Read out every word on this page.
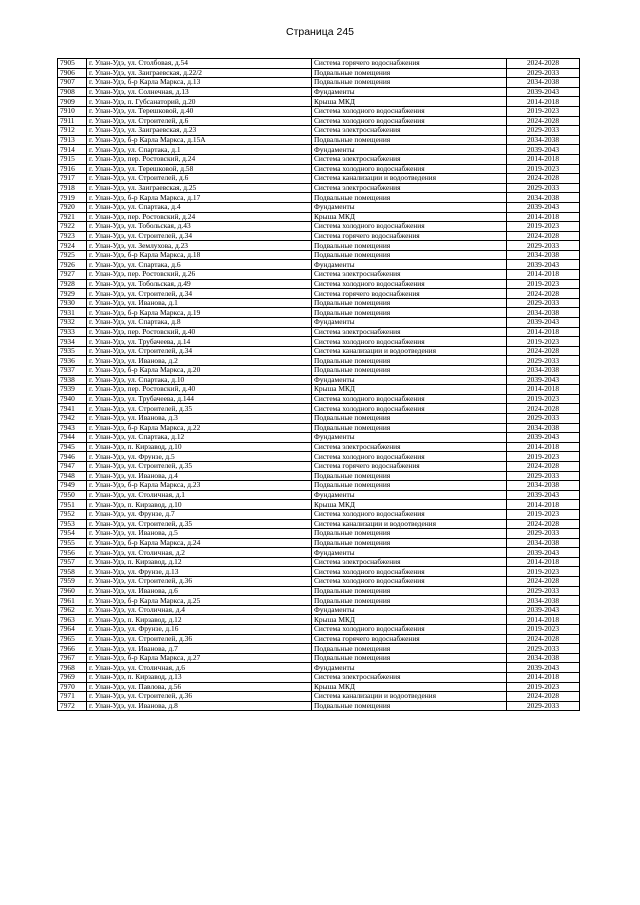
Страница 245
7905	г. Улан-Удэ, ул. Столбовая, д.54	Система горячего водоснабжения	2024-2028
7906	г. Улан-Удэ, ул. Заиграевская, д.22/2	Подвальные помещения	2029-2033
7907	г. Улан-Удэ, б-р Карла Маркса, д.13	Подвальные помещения	2034-2038
7908	г. Улан-Удэ, ул. Солнечная, д.13	Фундаменты	2039-2043
7909	г. Улан-Удэ, п. Губсанаторий, д.20	Крыша МКД	2014-2018
7910	г. Улан-Удэ, ул. Терешковой, д.40	Система холодного водоснабжения	2019-2023
7911	г. Улан-Удэ, ул. Строителей, д.6	Система холодного водоснабжения	2024-2028
7912	г. Улан-Удэ, ул. Заиграевская, д.23	Система электроснабжения	2029-2033
7913	г. Улан-Удэ, б-р Карла Маркса, д.15А	Подвальные помещения	2034-2038
7914	г. Улан-Удэ, ул. Спартака, д.1	Фундаменты	2039-2043
7915	г. Улан-Удэ, пер. Ростовский, д.24	Система электроснабжения	2014-2018
7916	г. Улан-Удэ, ул. Терешковой, д.58	Система холодного водоснабжения	2019-2023
7917	г. Улан-Удэ, ул. Строителей, д.6	Система канализации и водоотведения	2024-2028
7918	г. Улан-Удэ, ул. Заиграевская, д.25	Система электроснабжения	2029-2033
7919	г. Улан-Удэ, б-р Карла Маркса, д.17	Подвальные помещения	2034-2038
7920	г. Улан-Удэ, ул. Спартака, д.4	Фундаменты	2039-2043
7921	г. Улан-Удэ, пер. Ростовский, д.24	Крыша МКД	2014-2018
7922	г. Улан-Удэ, ул. Тобольская, д.43	Система холодного водоснабжения	2019-2023
7923	г. Улан-Удэ, ул. Строителей, д.34	Система горячего водоснабжения	2024-2028
7924	г. Улан-Удэ, ул. Землухова, д.23	Подвальные помещения	2029-2033
7925	г. Улан-Удэ, б-р Карла Маркса, д.18	Подвальные помещения	2034-2038
7926	г. Улан-Удэ, ул. Спартака, д.6	Фундаменты	2039-2043
7927	г. Улан-Удэ, пер. Ростовский, д.26	Система электроснабжения	2014-2018
7928	г. Улан-Удэ, ул. Тобольская, д.49	Система холодного водоснабжения	2019-2023
7929	г. Улан-Удэ, ул. Строителей, д.34	Система горячего водоснабжения	2024-2028
7930	г. Улан-Удэ, ул. Иванова, д.1	Подвальные помещения	2029-2033
7931	г. Улан-Удэ, б-р Карла Маркса, д.19	Подвальные помещения	2034-2038
7932	г. Улан-Удэ, ул. Спартака, д.8	Фундаменты	2039-2043
7933	г. Улан-Удэ, пер. Ростовский, д.40	Система электроснабжения	2014-2018
7934	г. Улан-Удэ, ул. Трубачеева, д.14	Система холодного водоснабжения	2019-2023
7935	г. Улан-Удэ, ул. Строителей, д.34	Система канализации и водоотведения	2024-2028
7936	г. Улан-Удэ, ул. Иванова, д.2	Подвальные помещения	2029-2033
7937	г. Улан-Удэ, б-р Карла Маркса, д.20	Подвальные помещения	2034-2038
7938	г. Улан-Удэ, ул. Спартака, д.10	Фундаменты	2039-2043
7939	г. Улан-Удэ, пер. Ростовский, д.40	Крыша МКД	2014-2018
7940	г. Улан-Удэ, ул. Трубачеева, д.144	Система холодного водоснабжения	2019-2023
7941	г. Улан-Удэ, ул. Строителей, д.35	Система холодного водоснабжения	2024-2028
7942	г. Улан-Удэ, ул. Иванова, д.3	Подвальные помещения	2029-2033
7943	г. Улан-Удэ, б-р Карла Маркса, д.22	Подвальные помещения	2034-2038
7944	г. Улан-Удэ, ул. Спартака, д.12	Фундаменты	2039-2043
7945	г. Улан-Удэ, п. Кирзавод, д.10	Система электроснабжения	2014-2018
7946	г. Улан-Удэ, ул. Фрунзе, д.5	Система холодного водоснабжения	2019-2023
7947	г. Улан-Удэ, ул. Строителей, д.35	Система горячего водоснабжения	2024-2028
7948	г. Улан-Удэ, ул. Иванова, д.4	Подвальные помещения	2029-2033
7949	г. Улан-Удэ, б-р Карла Маркса, д.23	Подвальные помещения	2034-2038
7950	г. Улан-Удэ, ул. Столичная, д.1	Фундаменты	2039-2043
7951	г. Улан-Удэ, п. Кирзавод, д.10	Крыша МКД	2014-2018
7952	г. Улан-Удэ, ул. Фрунзе, д.7	Система холодного водоснабжения	2019-2023
7953	г. Улан-Удэ, ул. Строителей, д.35	Система канализации и водоотведения	2024-2028
7954	г. Улан-Удэ, ул. Иванова, д.5	Подвальные помещения	2029-2033
7955	г. Улан-Удэ, б-р Карла Маркса, д.24	Подвальные помещения	2034-2038
7956	г. Улан-Удэ, ул. Столичная, д.2	Фундаменты	2039-2043
7957	г. Улан-Удэ, п. Кирзавод, д.12	Система электроснабжения	2014-2018
7958	г. Улан-Удэ, ул. Фрунзе, д.13	Система холодного водоснабжения	2019-2023
7959	г. Улан-Удэ, ул. Строителей, д.36	Система холодного водоснабжения	2024-2028
7960	г. Улан-Удэ, ул. Иванова, д.6	Подвальные помещения	2029-2033
7961	г. Улан-Удэ, б-р Карла Маркса, д.25	Подвальные помещения	2034-2038
7962	г. Улан-Удэ, ул. Столичная, д.4	Фундаменты	2039-2043
7963	г. Улан-Удэ, п. Кирзавод, д.12	Крыша МКД	2014-2018
7964	г. Улан-Удэ, ул. Фрунзе, д.16	Система холодного водоснабжения	2019-2023
7965	г. Улан-Удэ, ул. Строителей, д.36	Система горячего водоснабжения	2024-2028
7966	г. Улан-Удэ, ул. Иванова, д.7	Подвальные помещения	2029-2033
7967	г. Улан-Удэ, б-р Карла Маркса, д.27	Подвальные помещения	2034-2038
7968	г. Улан-Удэ, ул. Столичная, д.6	Фундаменты	2039-2043
7969	г. Улан-Удэ, п. Кирзавод, д.13	Система электроснабжения	2014-2018
7970	г. Улан-Удэ, ул. Павлова, д.56	Крыша МКД	2019-2023
7971	г. Улан-Удэ, ул. Строителей, д.36	Система канализации и водоотведения	2024-2028
7972	г. Улан-Удэ, ул. Иванова, д.8	Подвальные помещения	2029-2033
